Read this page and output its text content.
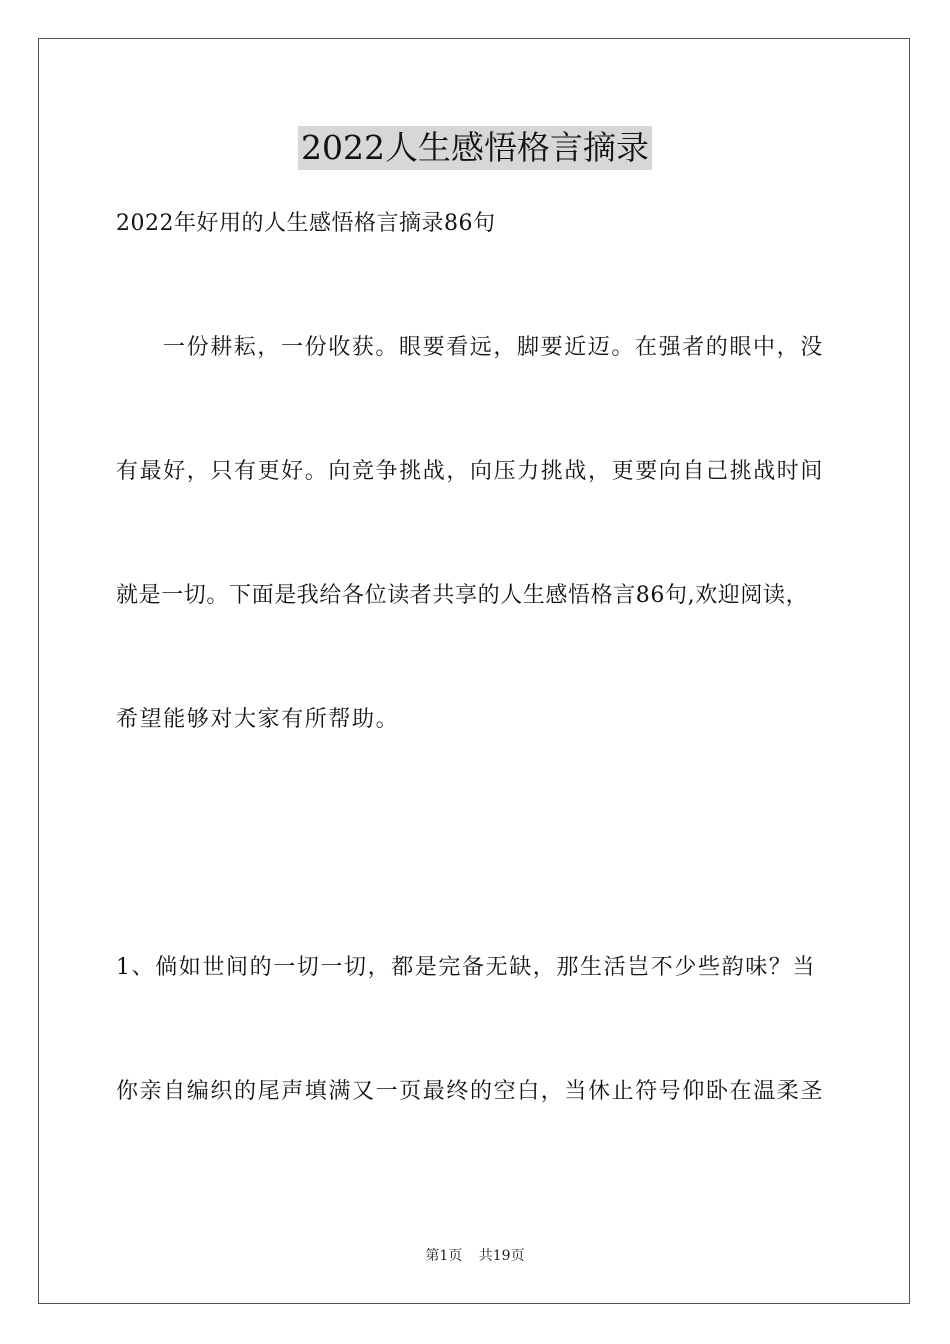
2022人生感悟格言摘录
2022年好用的人生感悟格言摘录86句
一份耕耘，一份收获。眼要看远，脚要近迈。在强者的眼中，没
有最好，只有更好。向竞争挑战，向压力挑战，更要向自己挑战时间
就是一切。下面是我给各位读者共享的人生感悟格言86句,欢迎阅读，
希望能够对大家有所帮助。
1、倘如世间的一切一切，都是完备无缺，那生活岂不少些韵味？当
你亲自编织的尾声填满又一页最终的空白，当休止符号仰卧在温柔圣
第1页 共19页
